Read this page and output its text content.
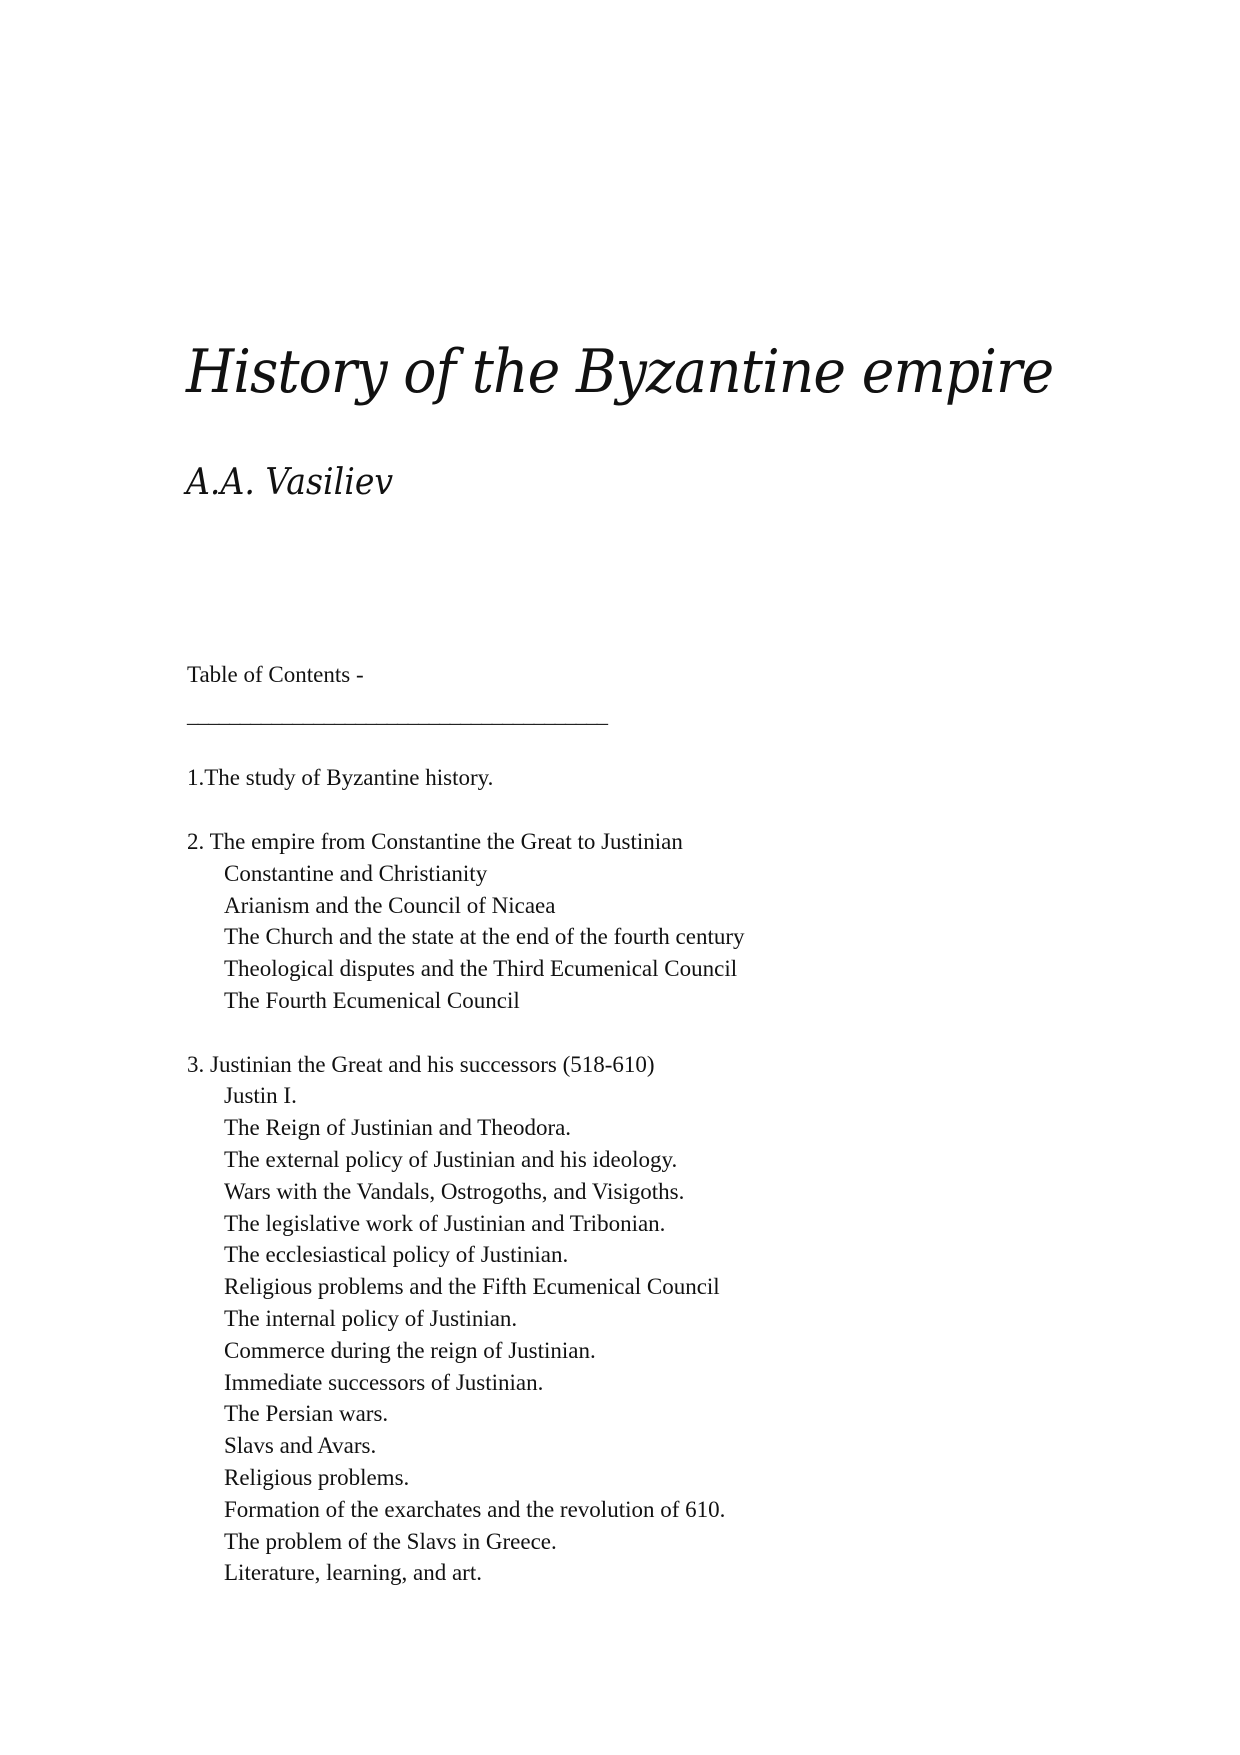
History of the Byzantine empire
A.A. Vasiliev
Table of Contents -
________________________________________
1.The study of Byzantine history.
2. The empire from Constantine the Great to Justinian
Constantine and Christianity
Arianism and the Council of Nicaea
The Church and the state at the end of the fourth century
Theological disputes and the Third Ecumenical Council
The Fourth Ecumenical Council
3. Justinian the Great and his successors (518-610)
Justin I.
The Reign of Justinian and Theodora.
The external policy of Justinian and his ideology.
Wars with the Vandals, Ostrogoths, and Visigoths.
The legislative work of Justinian and Tribonian.
The ecclesiastical policy of Justinian.
Religious problems and the Fifth Ecumenical Council
The internal policy of Justinian.
Commerce during the reign of Justinian.
Immediate successors of Justinian.
The Persian wars.
Slavs and Avars.
Religious problems.
Formation of the exarchates and the revolution of 610.
The problem of the Slavs in Greece.
Literature, learning, and art.
